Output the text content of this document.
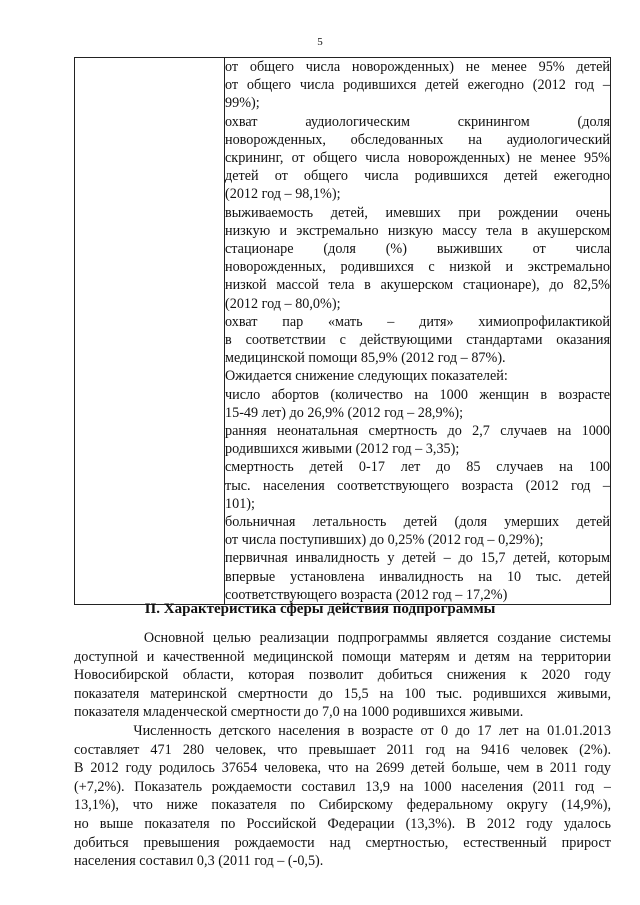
5

от общего числа новорожденных) не менее 95% детей
от общего числа родившихся детей ежегодно (2012 год –
99%);
охват аудиологическим скринингом (доля
новорожденных, обследованных на аудиологический
скрининг, от общего числа новорожденных) не менее 95%
детей от общего числа родившихся детей ежегодно
(2012 год – 98,1%);
выживаемость детей, имевших при рождении очень
низкую и экстремально низкую массу тела в акушерском
стационаре (доля (%) выживших от числа
новорожденных, родившихся с низкой и экстремально
низкой массой тела в акушерском стационаре), до 82,5%
(2012 год – 80,0%);
охват пар «мать – дитя» химиопрофилактикой
в соответствии с действующими стандартами оказания
медицинской помощи 85,9% (2012 год – 87%).
Ожидается снижение следующих показателей:
число абортов (количество на 1000 женщин в возрасте
15-49 лет) до 26,9% (2012 год – 28,9%);
ранняя неонатальная смертность до 2,7 случаев на 1000
родившихся живыми (2012 год – 3,35);
смертность детей 0-17 лет до 85 случаев на 100
тыс. населения соответствующего возраста (2012 год –
101);
больничная летальность детей (доля умерших детей
от числа поступивших) до 0,25% (2012 год – 0,29%);
первичная инвалидность у детей – до 15,7 детей, которым
впервые установлена инвалидность на 10 тыс. детей
соответствующего возраста (2012 год – 17,2%)
II. Характеристика сферы действия подпрограммы
Основной целью реализации подпрограммы является создание системы
доступной и качественной медицинской помощи матерям и детям на территории
Новосибирской области, которая позволит добиться снижения к 2020 году
показателя материнской смертности до 15,5 на 100 тыс. родившихся живыми,
показателя младенческой смертности до 7,0 на 1000 родившихся живыми.
Численность детского населения в возрасте от 0 до 17 лет на 01.01.2013
составляет 471 280 человек, что превышает 2011 год на 9416 человек (2%).
В 2012 году родилось 37654 человека, что на 2699 детей больше, чем в 2011 году
(+7,2%). Показатель рождаемости составил 13,9 на 1000 населения (2011 год –
13,1%), что ниже показателя по Сибирскому федеральному округу (14,9%),
но выше показателя по Российской Федерации (13,3%). В 2012 году удалось
добиться превышения рождаемости над смертностью, естественный прирост
населения составил 0,3 (2011 год – (-0,5).
